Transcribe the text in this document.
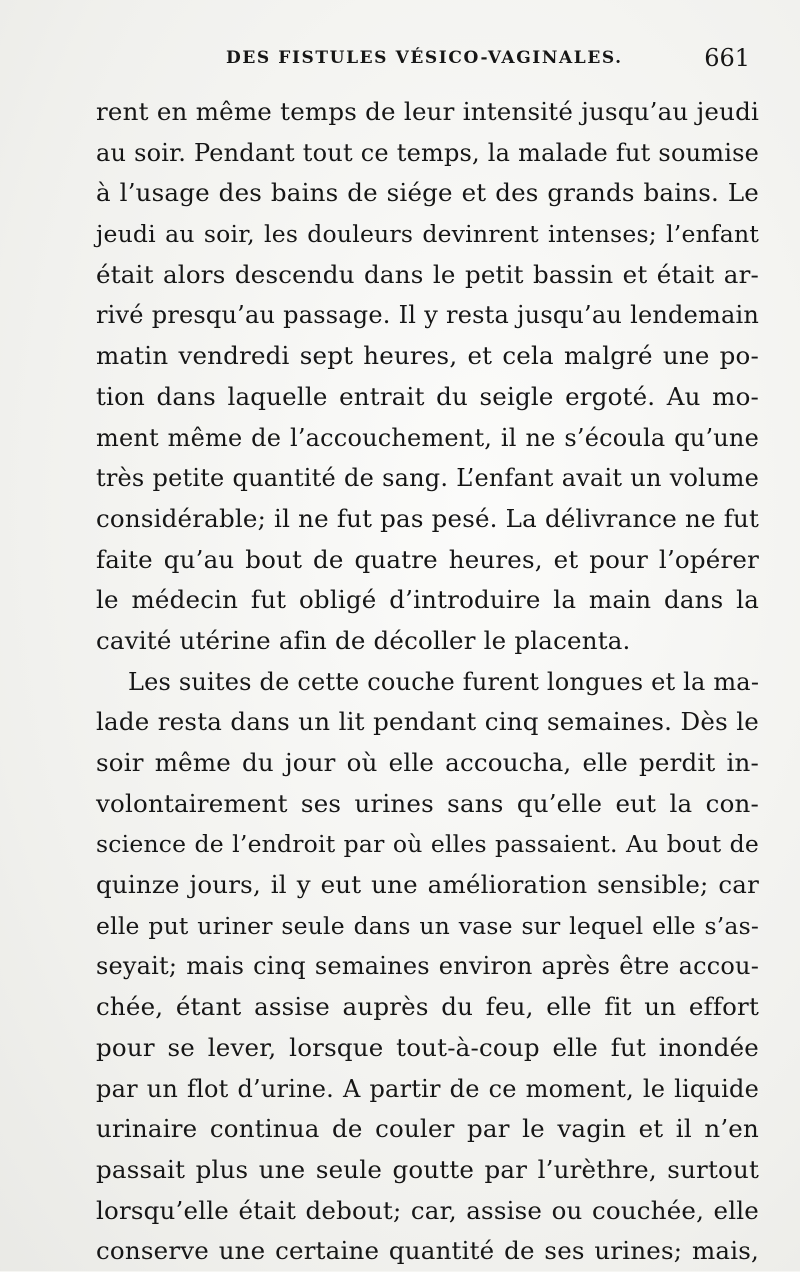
DES FISTULES VÉSICO-VAGINALES.	661
rent en même temps de leur intensité jusqu’au jeudi
au soir. Pendant tout ce temps, la malade fut soumise
à l’usage des bains de siége et des grands bains. Le
jeudi au soir, les douleurs devinrent intenses; l’enfant
était alors descendu dans le petit bassin et était ar-
rivé presqu’au passage. Il y resta jusqu’au lendemain
matin vendredi sept heures, et cela malgré une po-
tion dans laquelle entrait du seigle ergoté. Au mo-
ment même de l’accouchement, il ne s’écoula qu’une
très petite quantité de sang. L’enfant avait un volume
considérable; il ne fut pas pesé. La délivrance ne fut
faite qu’au bout de quatre heures, et pour l’opérer
le médecin fut obligé d’introduire la main dans la
cavité utérine afin de décoller le placenta.
Les suites de cette couche furent longues et la ma-
lade resta dans un lit pendant cinq semaines. Dès le
soir même du jour où elle accoucha, elle perdit in-
volontairement ses urines sans qu’elle eut la con-
science de l’endroit par où elles passaient. Au bout de
quinze jours, il y eut une amélioration sensible; car
elle put uriner seule dans un vase sur lequel elle s’as-
seyait; mais cinq semaines environ après être accou-
chée, étant assise auprès du feu, elle fit un effort
pour se lever, lorsque tout-à-coup elle fut inondée
par un flot d’urine. A partir de ce moment, le liquide
urinaire continua de couler par le vagin et il n’en
passait plus une seule goutte par l’urèthre, surtout
lorsqu’elle était debout; car, assise ou couchée, elle
conserve une certaine quantité de ses urines; mais,
